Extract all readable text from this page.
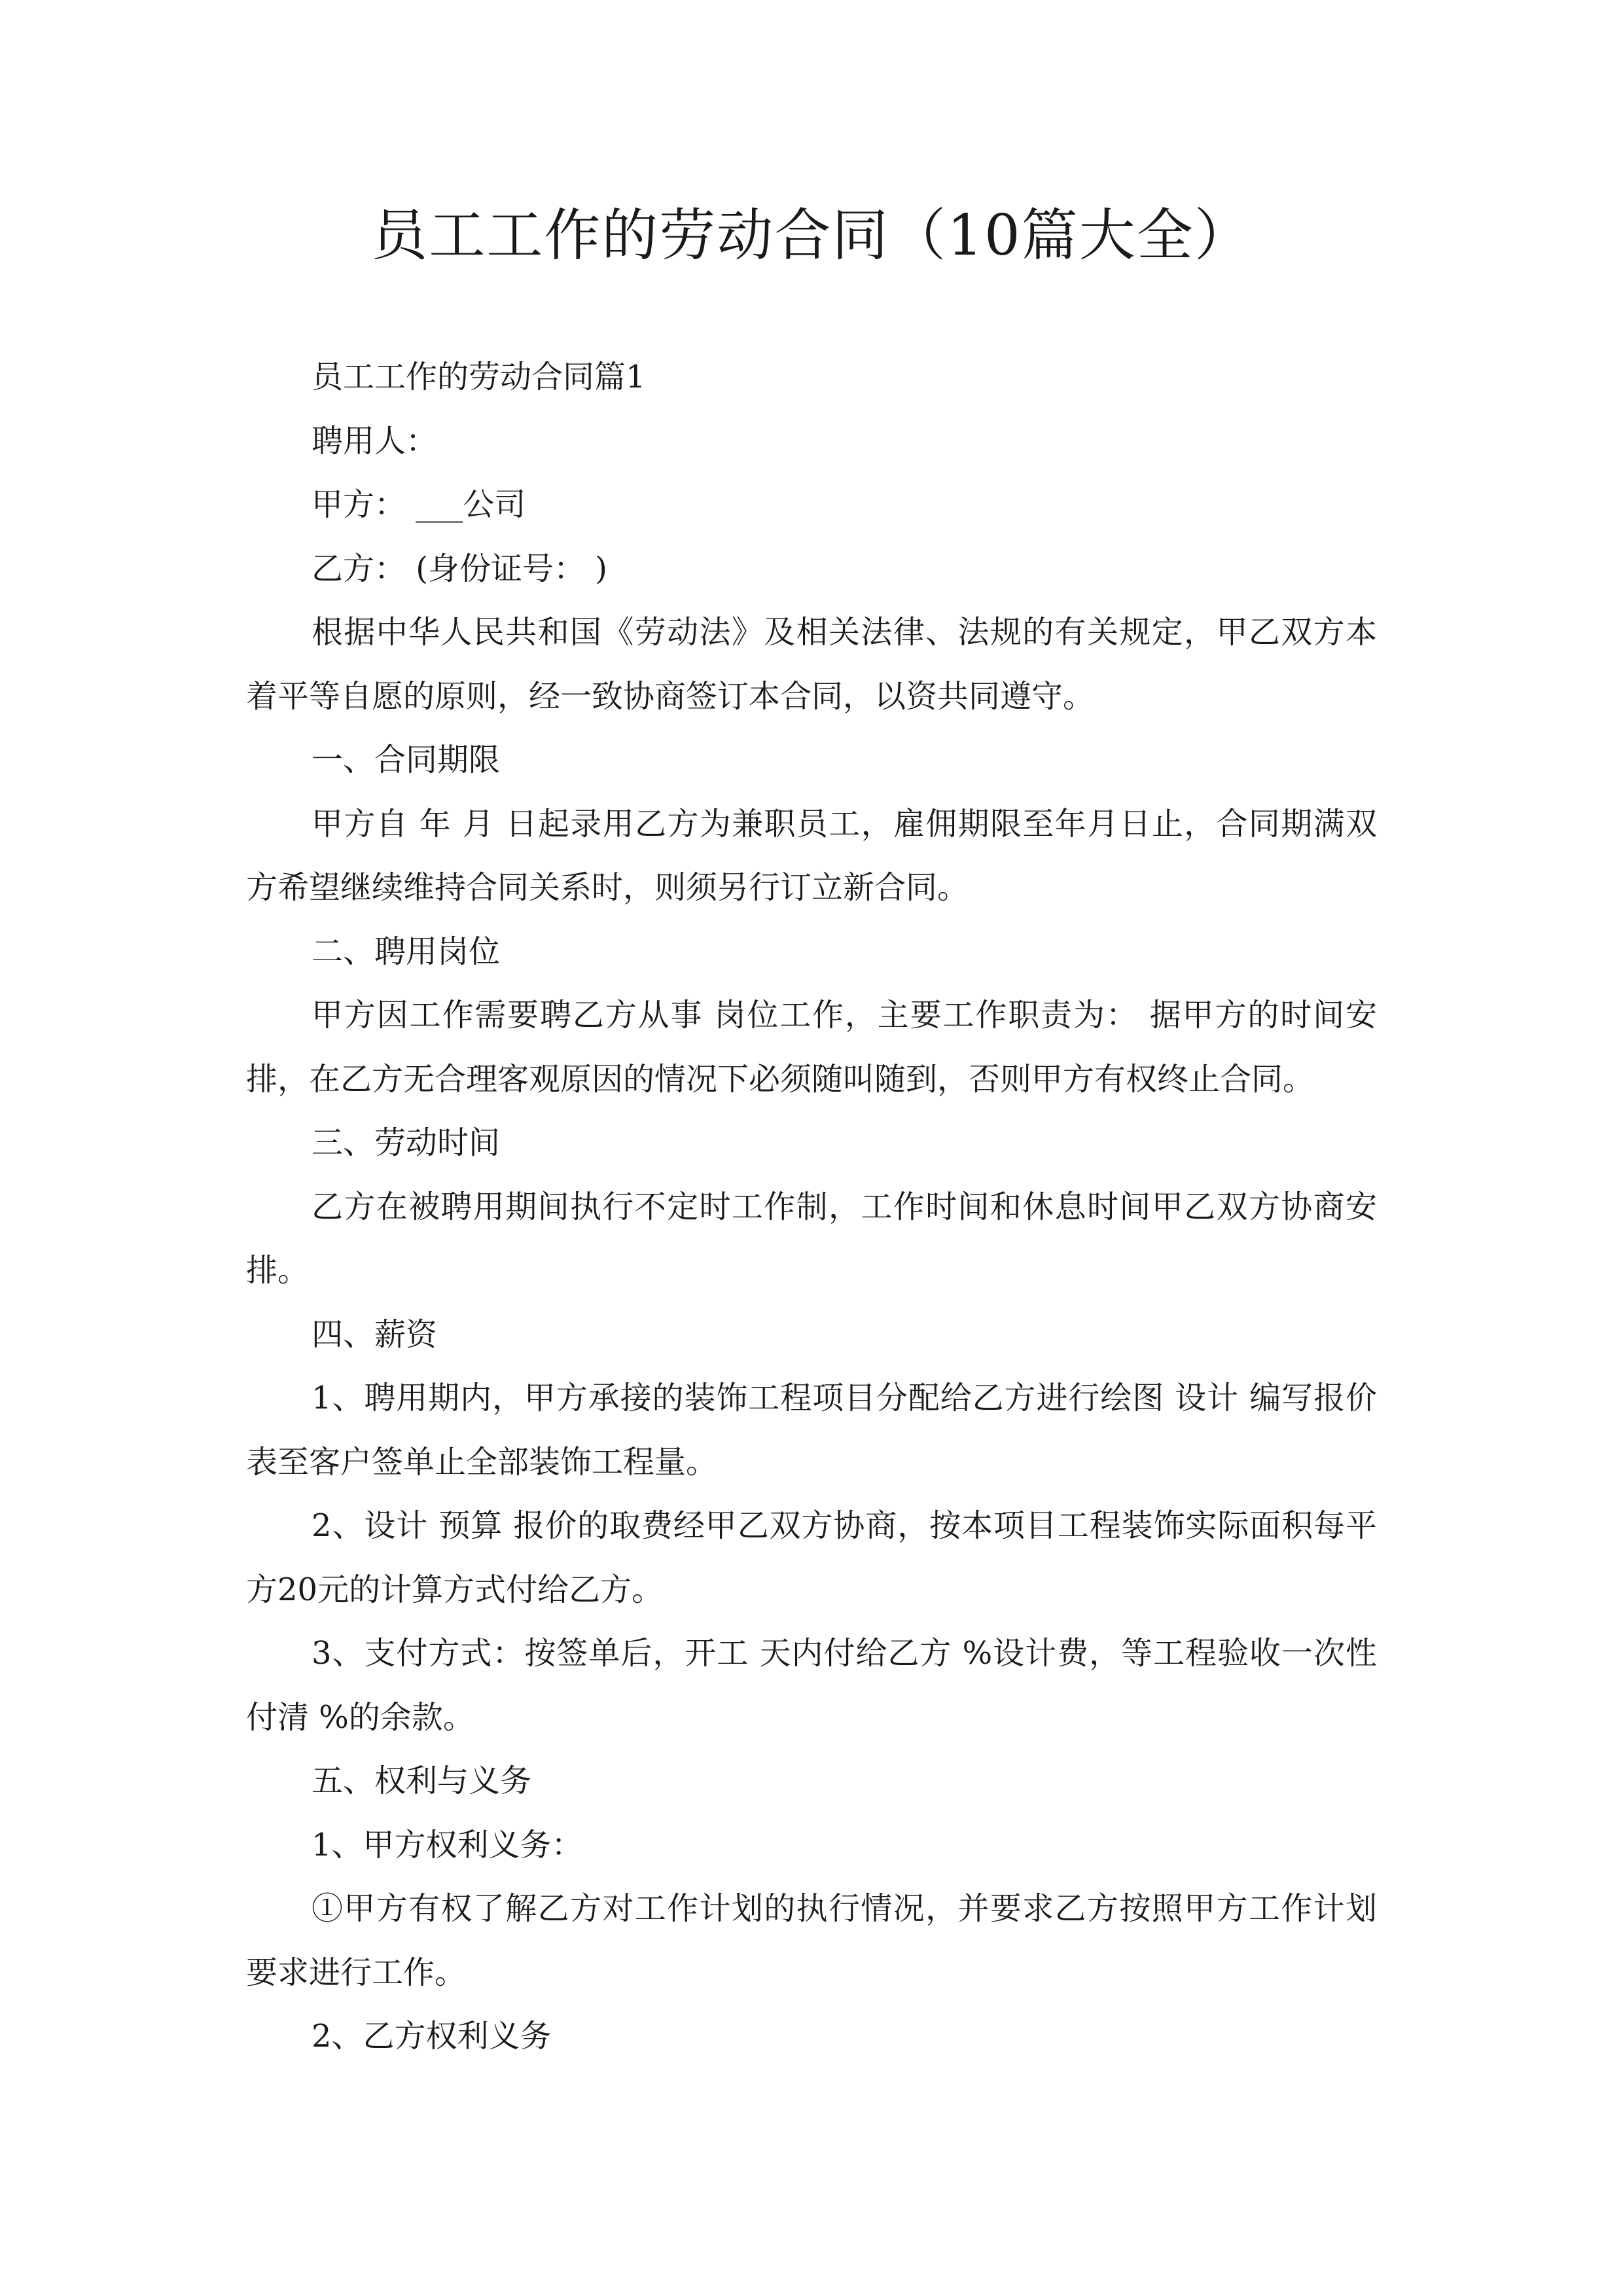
员工工作的劳动合同（10篇大全）

员工工作的劳动合同篇1

聘用人：

甲方： ___公司

乙方： (身份证号： )

根据中华人民共和国《劳动法》及相关法律、法规的有关规定，甲乙双方本着平等自愿的原则，经一致协商签订本合同，以资共同遵守。

一、合同期限

甲方自 年 月 日起录用乙方为兼职员工，雇佣期限至年月日止，合同期满双方希望继续维持合同关系时，则须另行订立新合同。

二、聘用岗位

甲方因工作需要聘乙方从事 岗位工作，主要工作职责为： 据甲方的时间安排，在乙方无合理客观原因的情况下必须随叫随到，否则甲方有权终止合同。

三、劳动时间

乙方在被聘用期间执行不定时工作制，工作时间和休息时间甲乙双方协商安排。

四、薪资

1、聘用期内，甲方承接的装饰工程项目分配给乙方进行绘图 设计 编写报价表至客户签单止全部装饰工程量。

2、设计 预算 报价的取费经甲乙双方协商，按本项目工程装饰实际面积每平方20元的计算方式付给乙方。

3、支付方式：按签单后，开工 天内付给乙方 %设计费，等工程验收一次性付清 %的余款。

五、权利与义务

1、甲方权利义务：

①甲方有权了解乙方对工作计划的执行情况，并要求乙方按照甲方工作计划要求进行工作。

2、乙方权利义务
